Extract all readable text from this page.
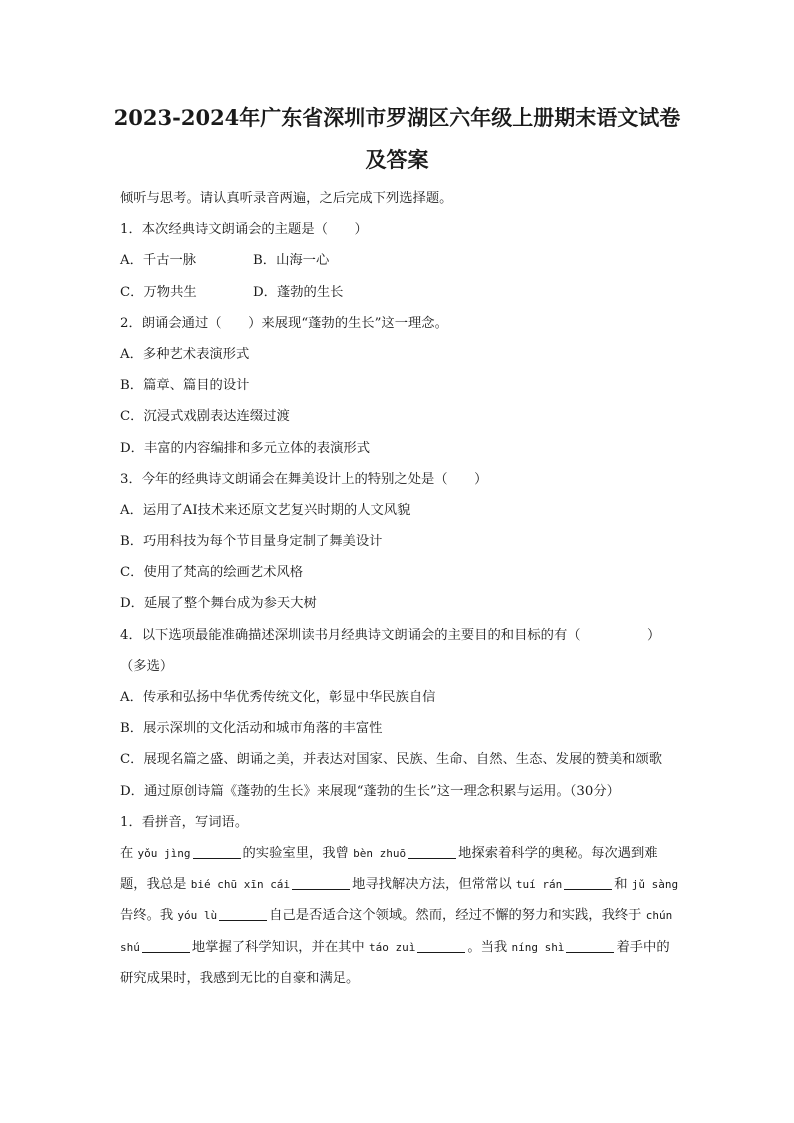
2023-2024年广东省深圳市罗湖区六年级上册期末语文试卷
及答案
倾听与思考。请认真听录音两遍，之后完成下列选择题。
1．本次经典诗文朗诵会的主题是（　　）
A．千古一脉	B．山海一心
C．万物共生	D．蓬勃的生长
2．朗诵会通过（　　）来展现“蓬勃的生长”这一理念。
A．多种艺术表演形式
B．篇章、篇目的设计
C．沉浸式戏剧表达连缀过渡
D．丰富的内容编排和多元立体的表演形式
3．今年的经典诗文朗诵会在舞美设计上的特别之处是（　　）
A．运用了AI技术来还原文艺复兴时期的人文风貌
B．巧用科技为每个节目量身定制了舞美设计
C．使用了梵高的绘画艺术风格
D．延展了整个舞台成为参天大树
4．以下选项最能准确描述深圳读书月经典诗文朗诵会的主要目的和目标的有（　　　　　）（多选）
A．传承和弘扬中华优秀传统文化，彰显中华民族自信
B．展示深圳的文化活动和城市角落的丰富性
C．展现名篇之盛、朗诵之美，并表达对国家、民族、生命、自然、生态、发展的赞美和颂歌
D．通过原创诗篇《蓬勃的生长》来展现“蓬勃的生长”这一理念积累与运用。（30分）
1．看拼音，写词语。
在 yǒu jìng	的实验室里，我曾 bèn zhuō	地探索着科学的奥秘。每次遇到难题，我总是 bié chū xīn cái	地寻找解决方法，但常常以 tuí rán	和 jǔ sàng 告终。我 yóu lù	自己是否适合这个领域。然而，经过不懈的努力和实践，我终于 chún shú	地掌握了科学知识，并在其中 táo zuì	。当我 níng shì	着手中的研究成果时，我感到无比的自豪和满足。
